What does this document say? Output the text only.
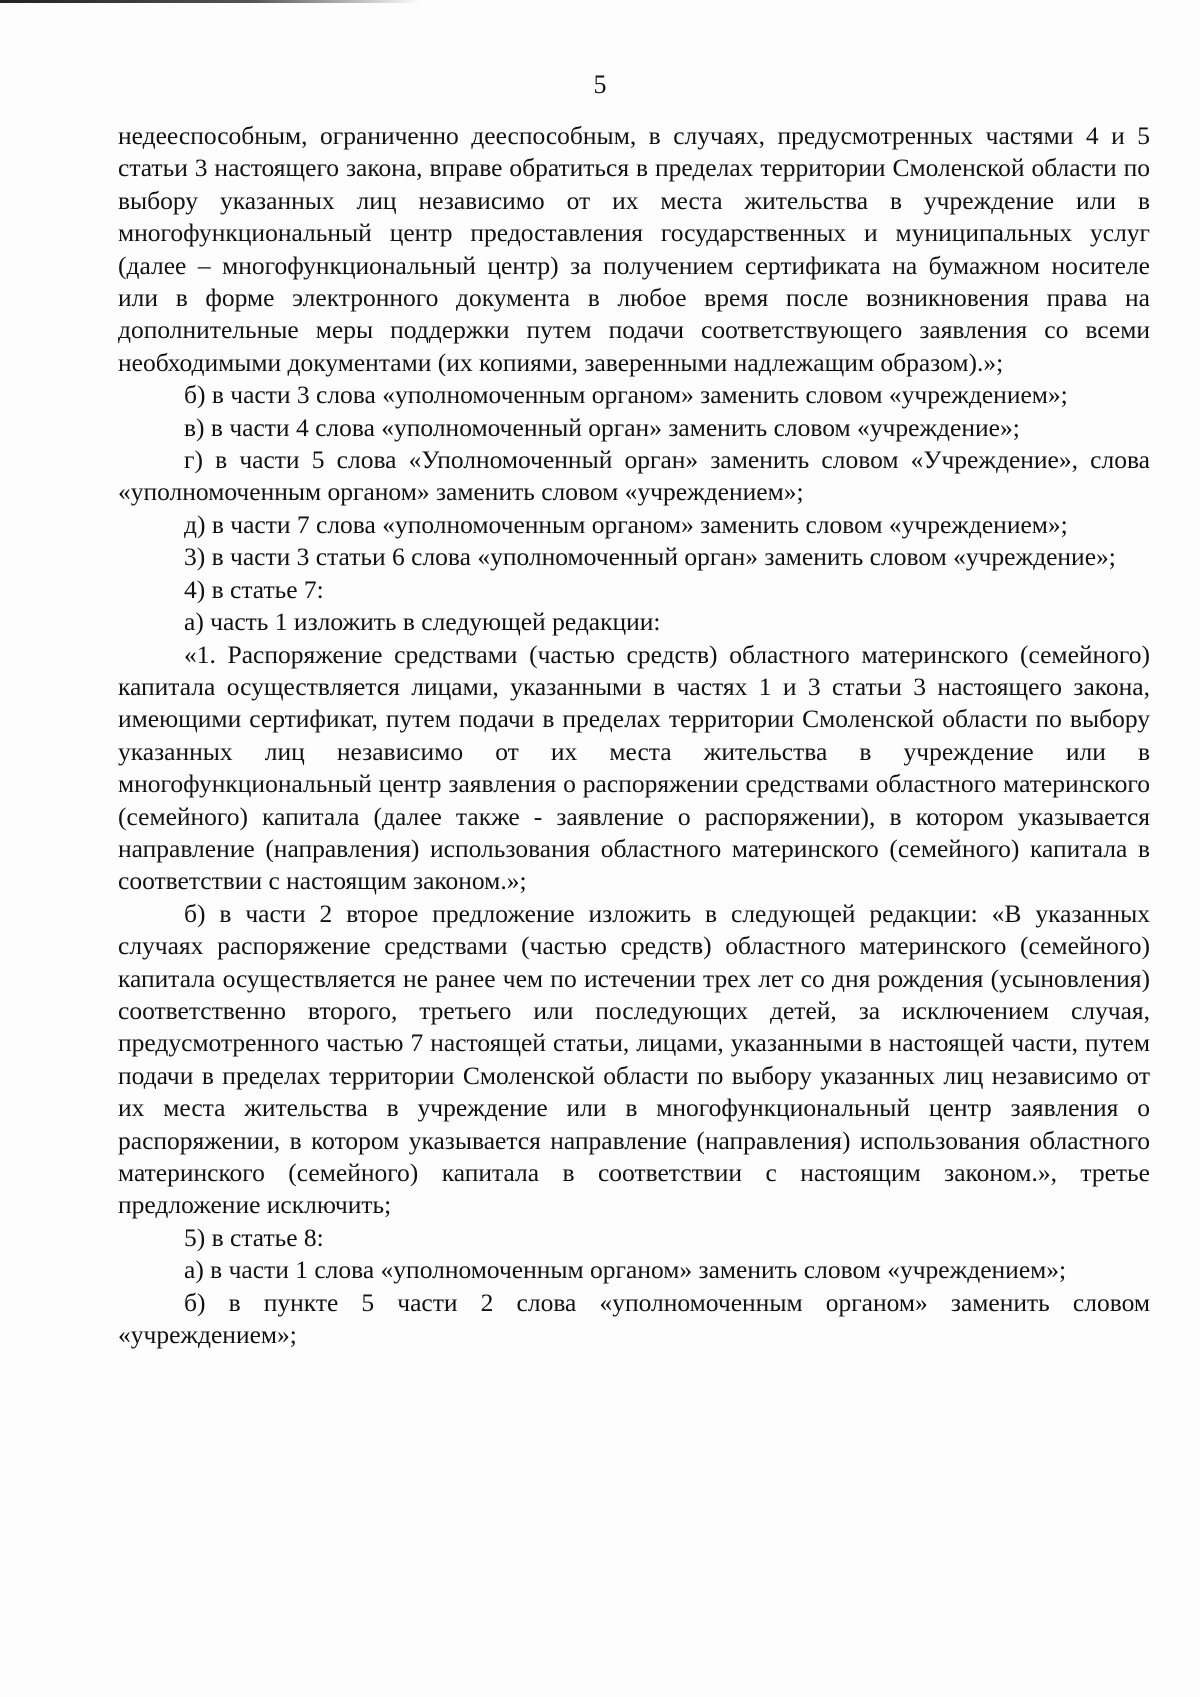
5

недееспособным, ограниченно дееспособным, в случаях, предусмотренных частями 4 и 5 статьи 3 настоящего закона, вправе обратиться в пределах территории Смоленской области по выбору указанных лиц независимо от их места жительства в учреждение или в многофункциональный центр предоставления государственных и муниципальных услуг (далее – многофункциональный центр) за получением сертификата на бумажном носителе или в форме электронного документа в любое время после возникновения права на дополнительные меры поддержки путем подачи соответствующего заявления со всеми необходимыми документами (их копиями, заверенными надлежащим образом).»;

б) в части 3 слова «уполномоченным органом» заменить словом «учреждением»;

в) в части 4 слова «уполномоченный орган» заменить словом «учреждение»;

г) в части 5 слова «Уполномоченный орган» заменить словом «Учреждение», слова «уполномоченным органом» заменить словом «учреждением»;

д) в части 7 слова «уполномоченным органом» заменить словом «учреждением»;

3) в части 3 статьи 6 слова «уполномоченный орган» заменить словом «учреждение»;

4) в статье 7:

а) часть 1 изложить в следующей редакции:

«1. Распоряжение средствами (частью средств) областного материнского (семейного) капитала осуществляется лицами, указанными в частях 1 и 3 статьи 3 настоящего закона, имеющими сертификат, путем подачи в пределах территории Смоленской области по выбору указанных лиц независимо от их места жительства в учреждение или в многофункциональный центр заявления о распоряжении средствами областного материнского (семейного) капитала (далее также - заявление о распоряжении), в котором указывается направление (направления) использования областного материнского (семейного) капитала в соответствии с настоящим законом.»;

б) в части 2 второе предложение изложить в следующей редакции: «В указанных случаях распоряжение средствами (частью средств) областного материнского (семейного) капитала осуществляется не ранее чем по истечении трех лет со дня рождения (усыновления) соответственно второго, третьего или последующих детей, за исключением случая, предусмотренного частью 7 настоящей статьи, лицами, указанными в настоящей части, путем подачи в пределах территории Смоленской области по выбору указанных лиц независимо от их места жительства в учреждение или в многофункциональный центр заявления о распоряжении, в котором указывается направление (направления) использования областного материнского (семейного) капитала в соответствии с настоящим законом.», третье предложение исключить;

5) в статье 8:

а) в части 1 слова «уполномоченным органом» заменить словом «учреждением»;

б) в пункте 5 части 2 слова «уполномоченным органом» заменить словом «учреждением»;
